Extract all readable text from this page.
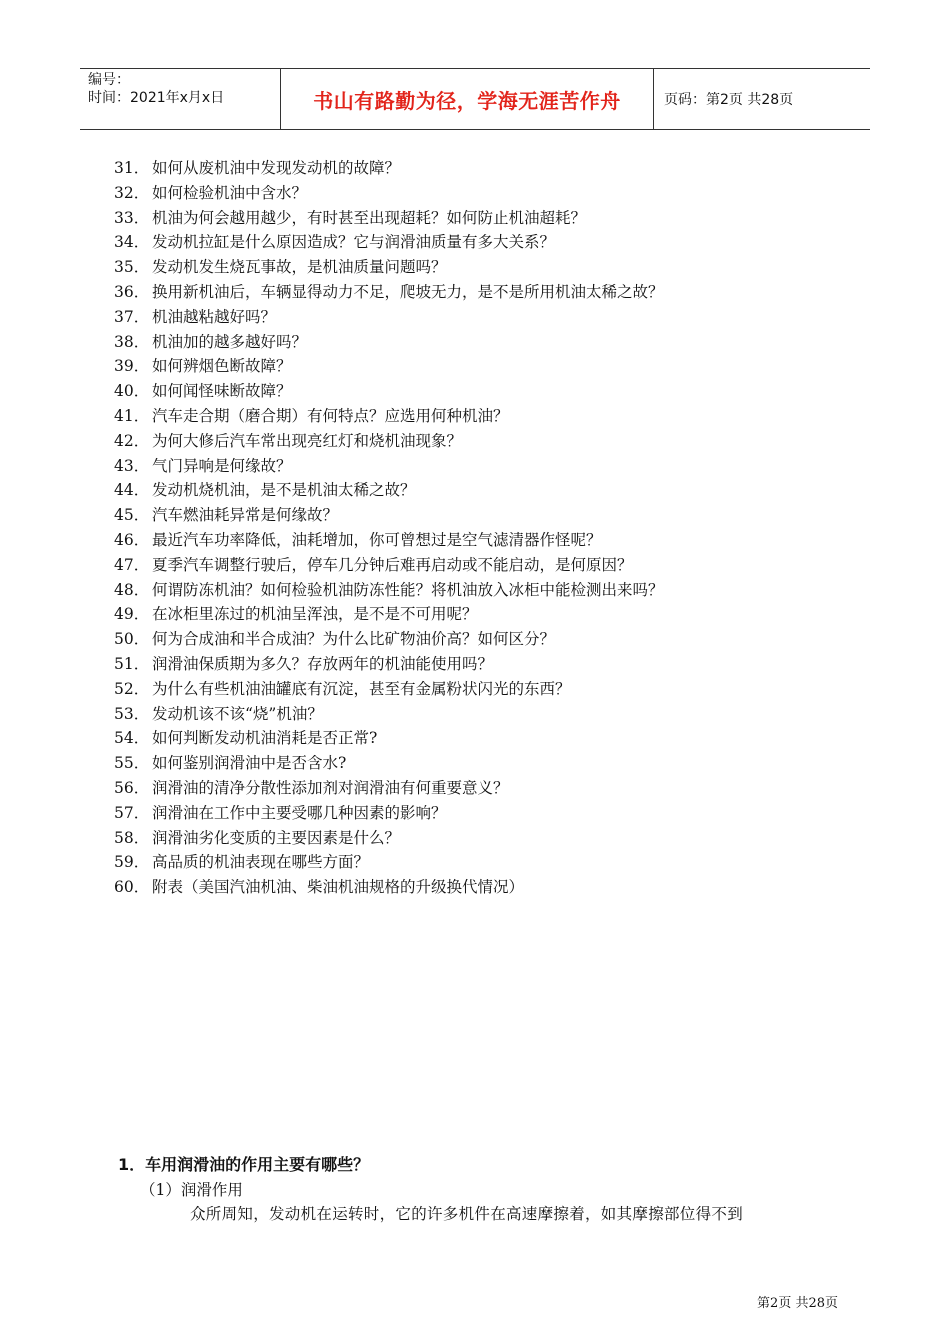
编号：
时间：2021年x月x日	书山有路勤为径，学海无涯苦作舟	页码：第2页 共28页
31． 如何从废机油中发现发动机的故障？
32． 如何检验机油中含水？
33． 机油为何会越用越少，有时甚至出现超耗？如何防止机油超耗？
34． 发动机拉缸是什么原因造成？它与润滑油质量有多大关系？
35． 发动机发生烧瓦事故，是机油质量问题吗？
36． 换用新机油后，车辆显得动力不足，爬坡无力，是不是所用机油太稀之故？
37． 机油越粘越好吗？
38． 机油加的越多越好吗？
39． 如何辨烟色断故障？
40． 如何闻怪味断故障？
41． 汽车走合期（磨合期）有何特点？应选用何种机油？
42． 为何大修后汽车常出现亮红灯和烧机油现象？
43． 气门异响是何缘故？
44． 发动机烧机油，是不是机油太稀之故？
45． 汽车燃油耗异常是何缘故？
46． 最近汽车功率降低，油耗增加，你可曾想过是空气滤清器作怪呢？
47． 夏季汽车调整行驶后，停车几分钟后难再启动或不能启动，是何原因？
48． 何谓防冻机油？如何检验机油防冻性能？将机油放入冰柜中能检测出来吗？
49． 在冰柜里冻过的机油呈浑浊，是不是不可用呢？
50． 何为合成油和半合成油？为什么比矿物油价高？如何区分？
51． 润滑油保质期为多久？存放两年的机油能使用吗？
52． 为什么有些机油油罐底有沉淀，甚至有金属粉状闪光的东西？
53． 发动机该不该“烧”机油？
54． 如何判断发动机油消耗是否正常?
55． 如何鉴别润滑油中是否含水?
56． 润滑油的清净分散性添加剂对润滑油有何重要意义？
57． 润滑油在工作中主要受哪几种因素的影响？
58． 润滑油劣化变质的主要因素是什么？
59． 高品质的机油表现在哪些方面？
60． 附表（美国汽油机油、柴油机油规格的升级换代情况）
1．车用润滑油的作用主要有哪些？
（1）润滑作用
众所周知，发动机在运转时，它的许多机件在高速摩擦着，如其摩擦部位得不到
第2页 共28页
